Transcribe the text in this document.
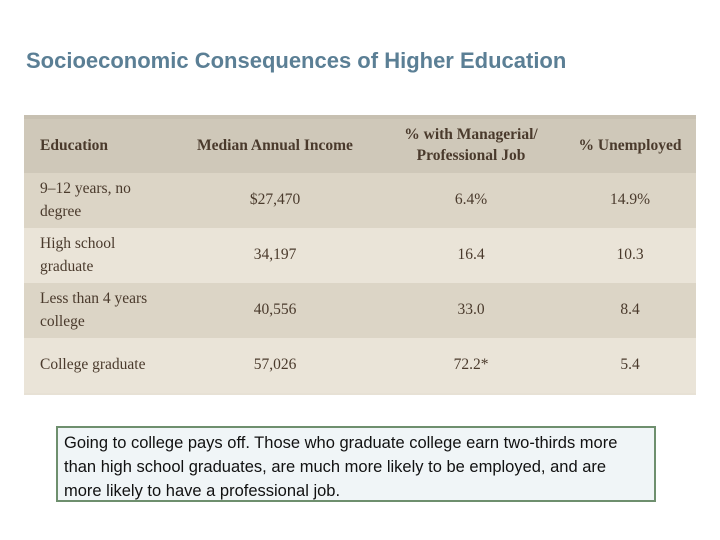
Socioeconomic Consequences of Higher Education
Education	Median Annual Income	% with Managerial/ Professional Job	% Unemployed
9–12 years, no degree	$27,470	6.4%	14.9%
High school graduate	34,197	16.4	10.3
Less than 4 years college	40,556	33.0	8.4
College graduate	57,026	72.2*	5.4
Going to college pays off. Those who graduate college earn two-thirds more than high school graduates, are much more likely to be employed, and are more likely to have a professional job.
